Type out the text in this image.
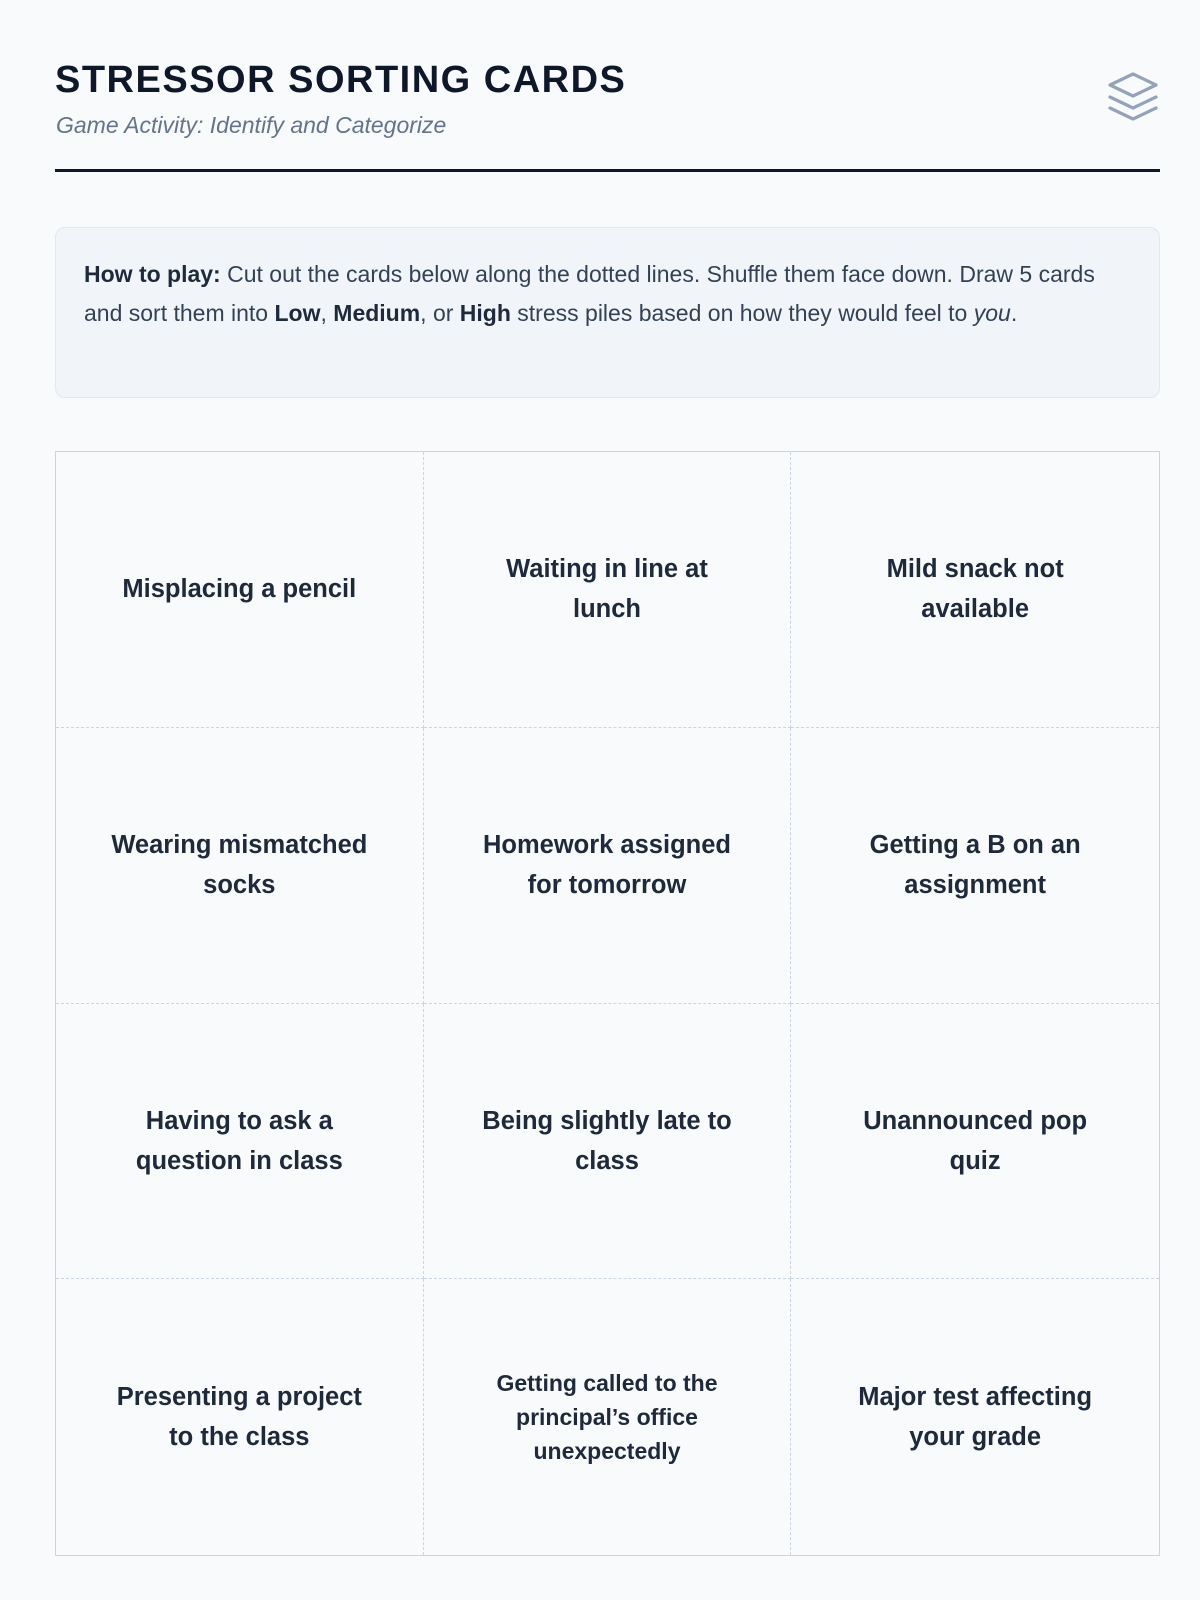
STRESSOR SORTING CARDS
Game Activity: Identify and Categorize
How to play: Cut out the cards below along the dotted lines. Shuffle them face down. Draw 5 cards and sort them into Low, Medium, or High stress piles based on how they would feel to you.
Misplacing a pencil
Waiting in line at lunch
Mild snack not available
Wearing mismatched socks
Homework assigned for tomorrow
Getting a B on an assignment
Having to ask a question in class
Being slightly late to class
Unannounced pop quiz
Presenting a project to the class
Getting called to the principal’s office unexpectedly
Major test affecting your grade
